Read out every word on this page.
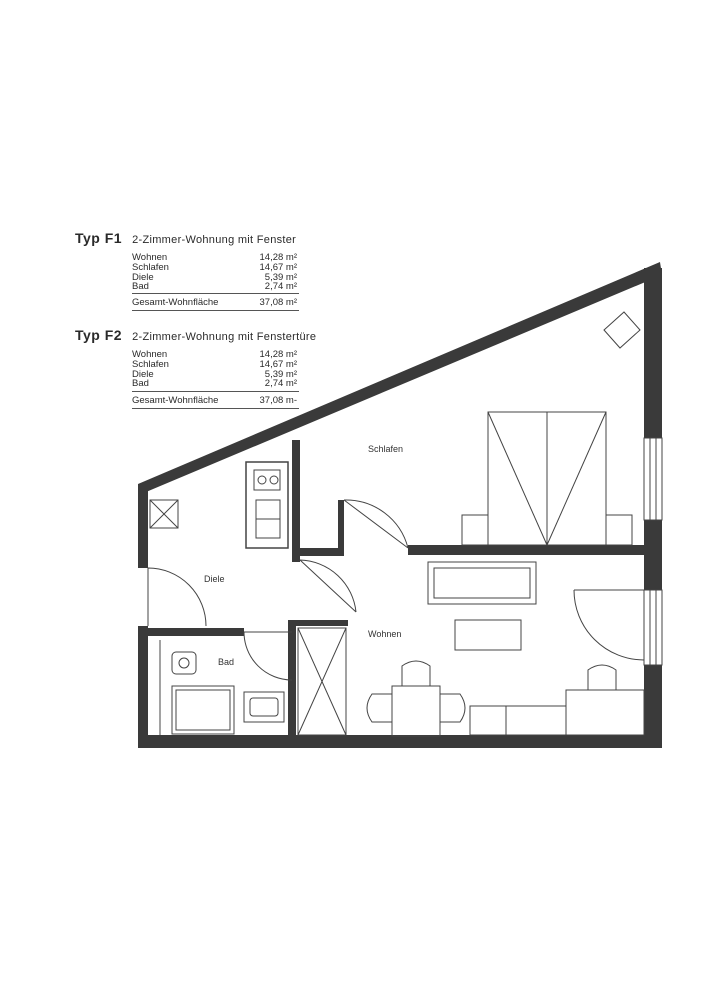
Typ F1 2-Zimmer-Wohnung mit Fenster
Wohnen	14,28 m²
Schlafen	14,67 m²
Diele	5,39 m²
Bad	2,74 m²
Gesamt-Wohnfläche	37,08 m²
Typ F2 2-Zimmer-Wohnung mit Fenstertüre
Wohnen	14,28 m²
Schlafen	14,67 m²
Diele	5,39 m²
Bad	2,74 m²
Gesamt-Wohnfläche	37,08 m-
Schlafen
Diele
Wohnen
Bad
